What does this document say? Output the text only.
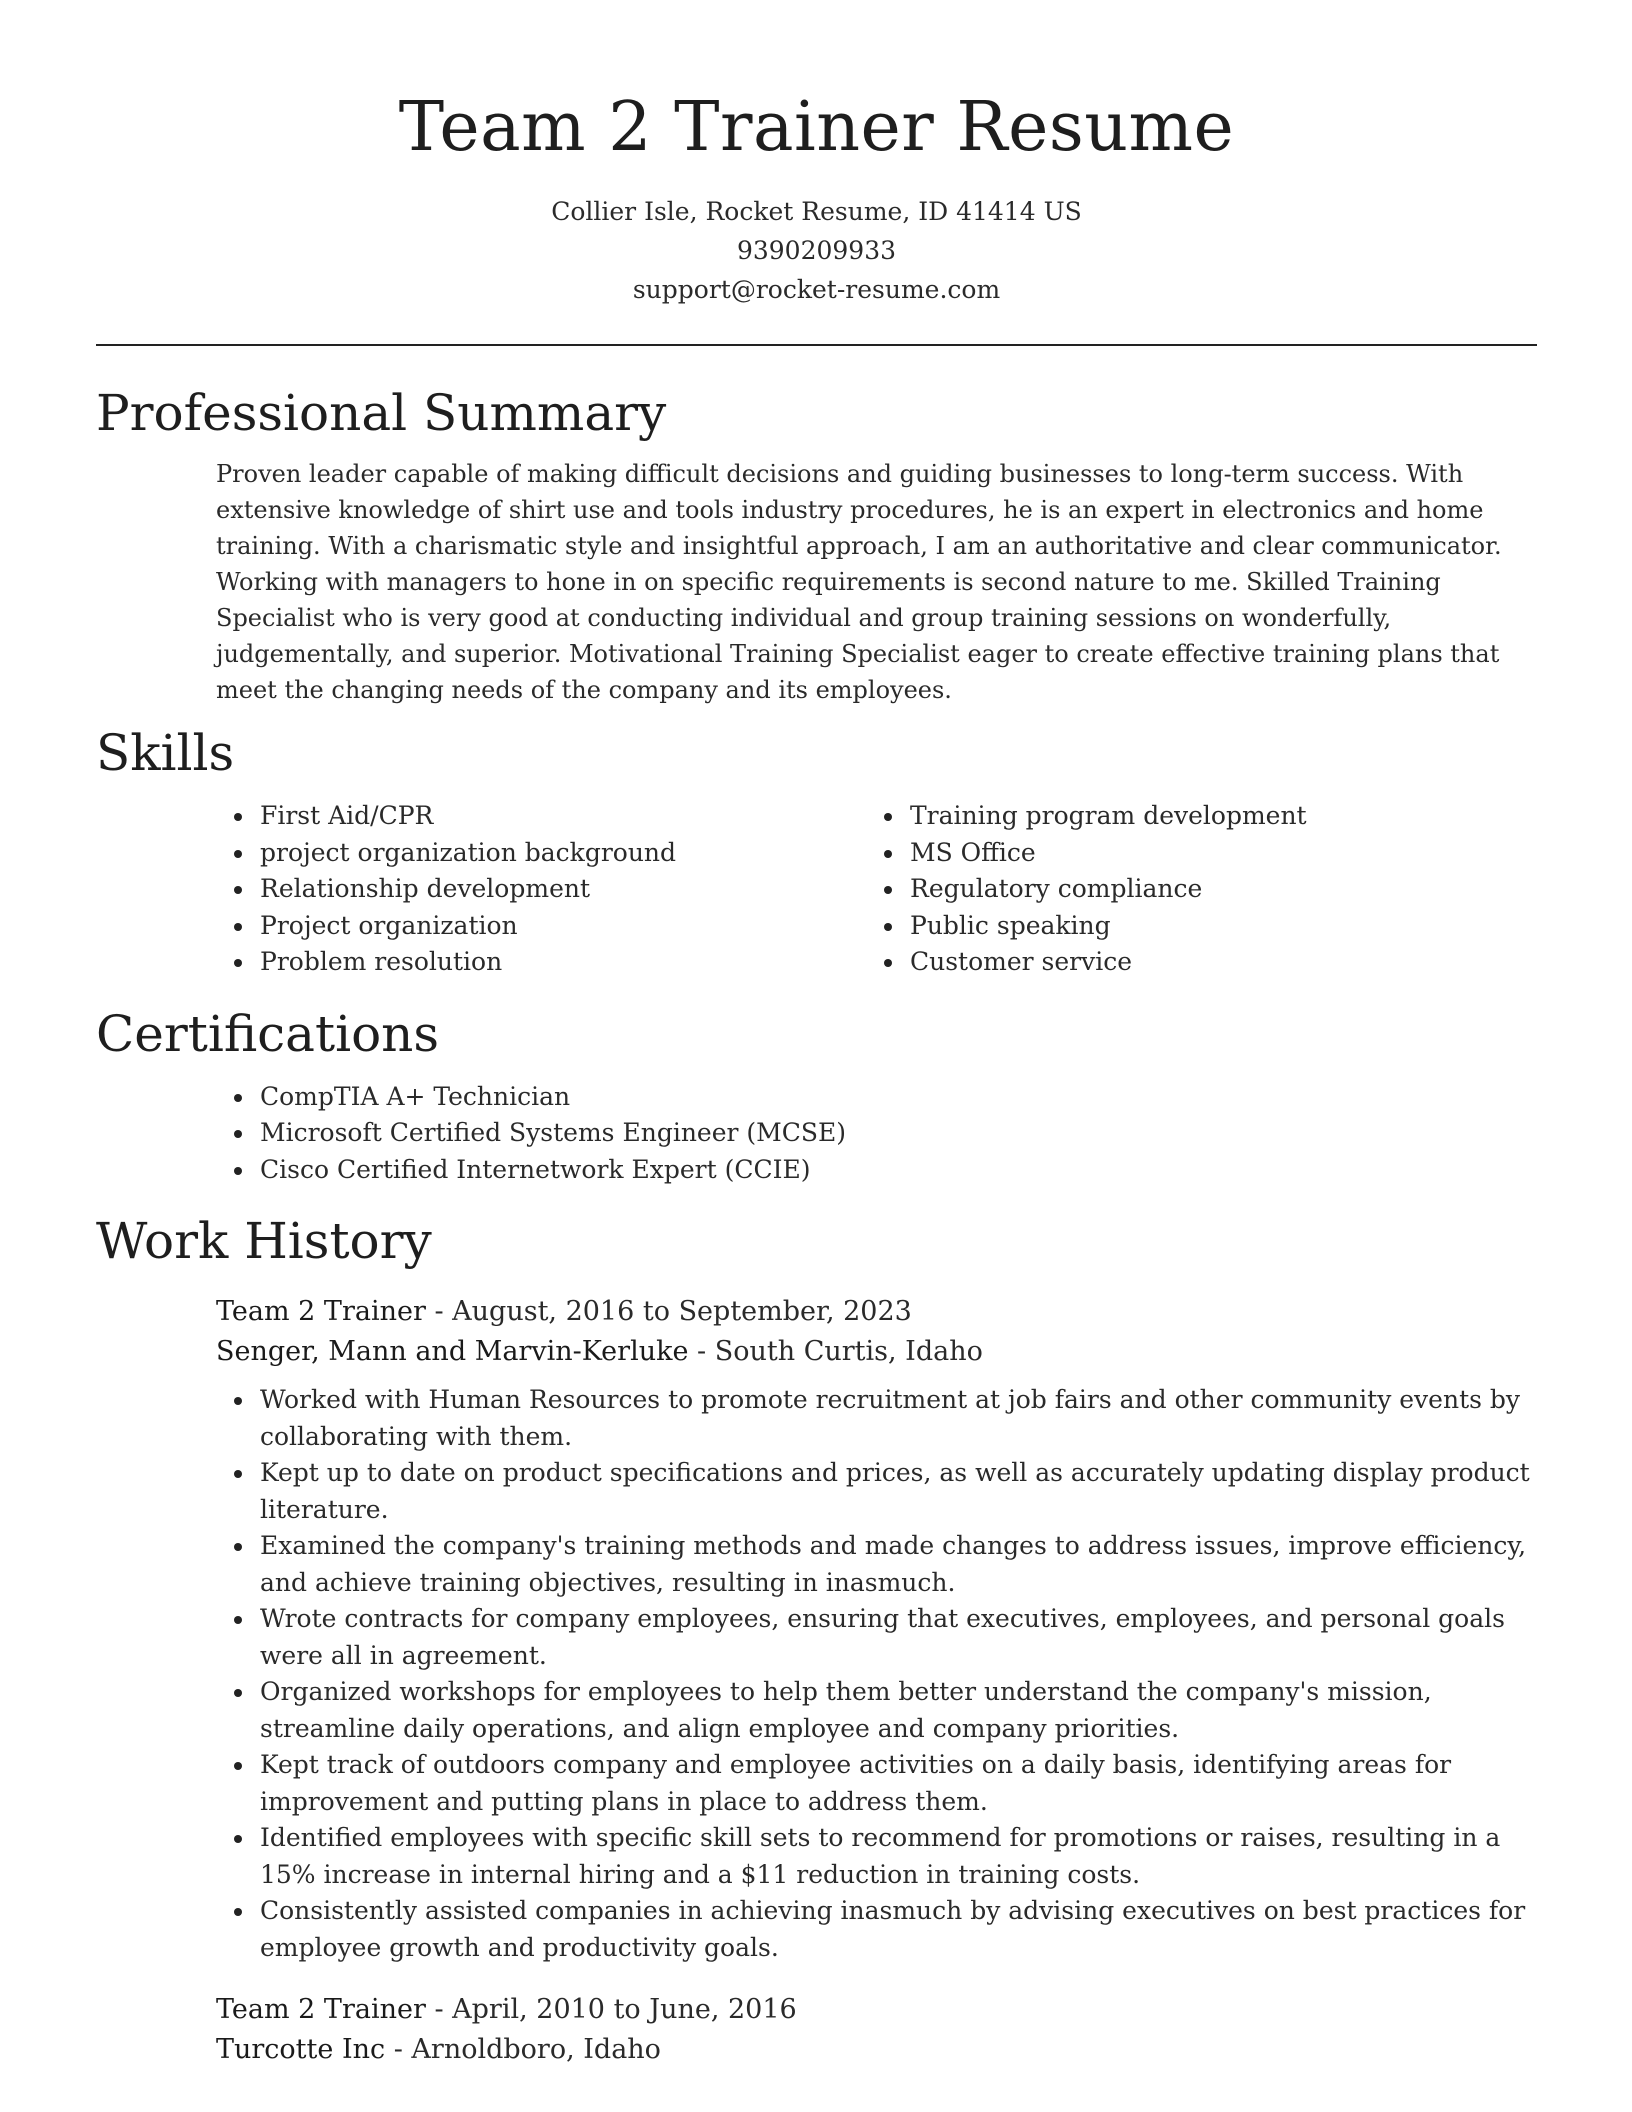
Team 2 Trainer Resume
Collier Isle, Rocket Resume, ID 41414 US
9390209933
support@rocket-resume.com
Professional Summary

Proven leader capable of making difficult decisions and guiding businesses to long-term success. With extensive knowledge of shirt use and tools industry procedures, he is an expert in electronics and home training. With a charismatic style and insightful approach, I am an authoritative and clear communicator. Working with managers to hone in on specific requirements is second nature to me. Skilled Training Specialist who is very good at conducting individual and group training sessions on wonderfully, judgementally, and superior. Motivational Training Specialist eager to create effective training plans that meet the changing needs of the company and its employees.

Skills
First Aid/CPR
project organization background
Relationship development
Project organization
Problem resolution
Training program development
MS Office
Regulatory compliance
Public speaking
Customer service
Certifications
CompTIA A+ Technician
Microsoft Certified Systems Engineer (MCSE)
Cisco Certified Internetwork Expert (CCIE)
Work History
Team 2 Trainer - August, 2016 to September, 2023
Senger, Mann and Marvin-Kerluke - South Curtis, Idaho
Worked with Human Resources to promote recruitment at job fairs and other community events by collaborating with them.
Kept up to date on product specifications and prices, as well as accurately updating display product literature.
Examined the company's training methods and made changes to address issues, improve efficiency, and achieve training objectives, resulting in inasmuch.
Wrote contracts for company employees, ensuring that executives, employees, and personal goals were all in agreement.
Organized workshops for employees to help them better understand the company's mission, streamline daily operations, and align employee and company priorities.
Kept track of outdoors company and employee activities on a daily basis, identifying areas for improvement and putting plans in place to address them.
Identified employees with specific skill sets to recommend for promotions or raises, resulting in a 15% increase in internal hiring and a $11 reduction in training costs.
Consistently assisted companies in achieving inasmuch by advising executives on best practices for employee growth and productivity goals.
Team 2 Trainer - April, 2010 to June, 2016
Turcotte Inc - Arnoldboro, Idaho
